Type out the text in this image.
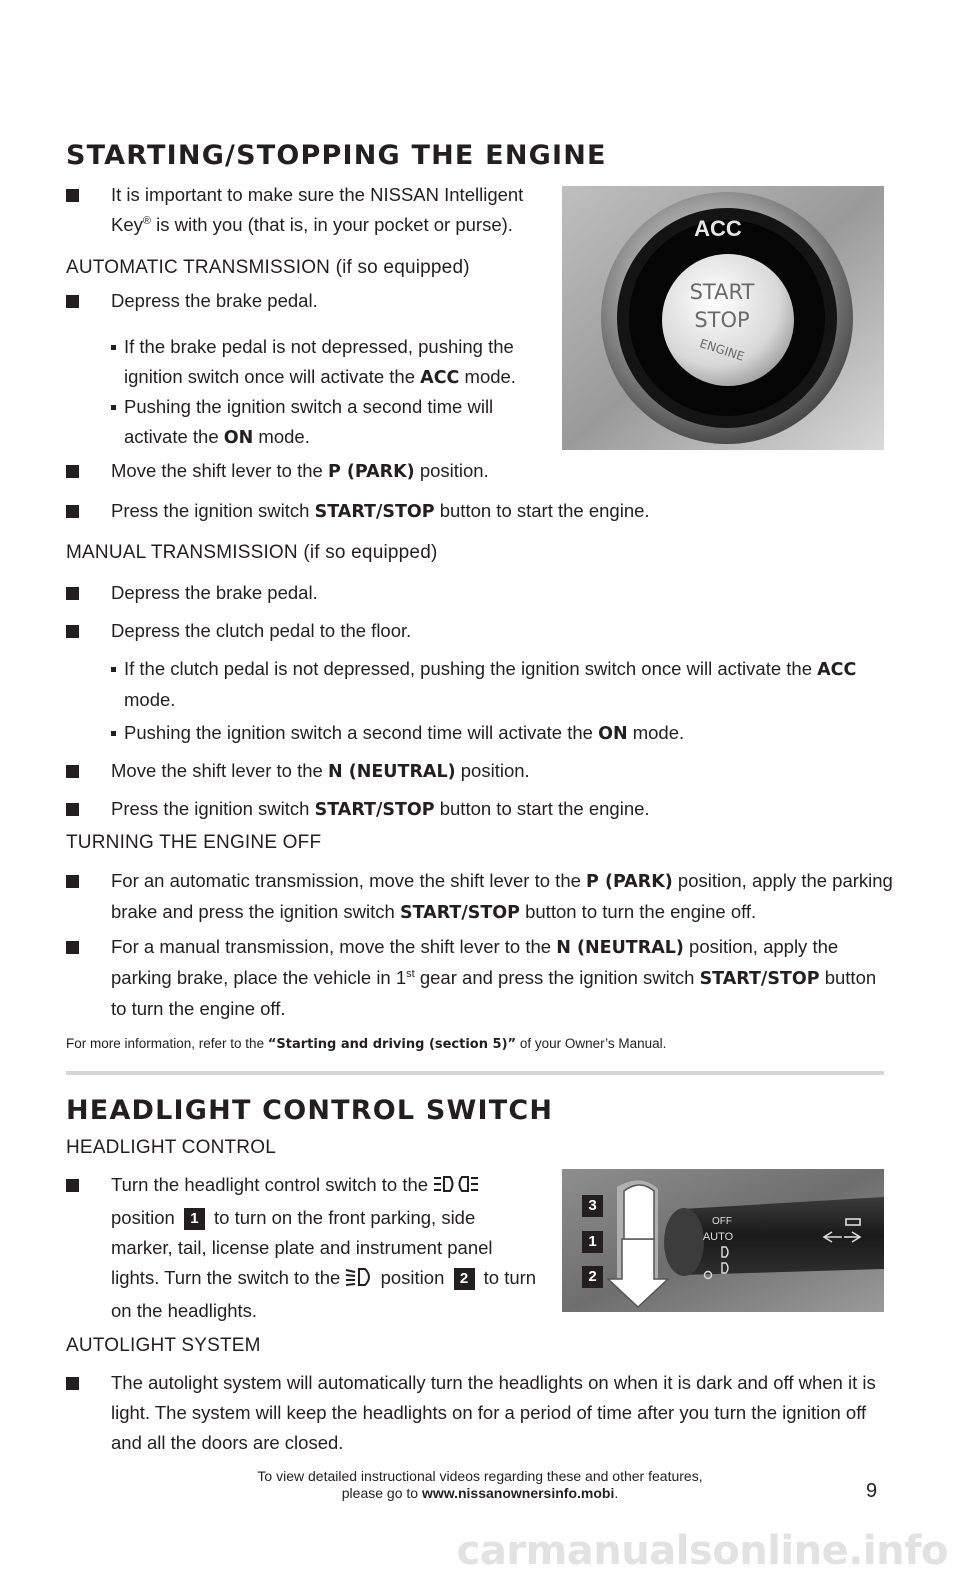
STARTING/STOPPING THE ENGINE
It is important to make sure the NISSAN Intelligent Key® is with you (that is, in your pocket or purse).
AUTOMATIC TRANSMISSION (if so equipped)
Depress the brake pedal.
If the brake pedal is not depressed, pushing the ignition switch once will activate the ACC mode.
Pushing the ignition switch a second time will activate the ON mode.
Move the shift lever to the P (PARK) position.
Press the ignition switch START/STOP button to start the engine.
ACC
START
STOP
ENGINE
MANUAL TRANSMISSION (if so equipped)
Depress the brake pedal.
Depress the clutch pedal to the floor.
If the clutch pedal is not depressed, pushing the ignition switch once will activate the ACC mode.
Pushing the ignition switch a second time will activate the ON mode.
Move the shift lever to the N (NEUTRAL) position.
Press the ignition switch START/STOP button to start the engine.
TURNING THE ENGINE OFF
For an automatic transmission, move the shift lever to the P (PARK) position, apply the parking brake and press the ignition switch START/STOP button to turn the engine off.
For a manual transmission, move the shift lever to the N (NEUTRAL) position, apply the parking brake, place the vehicle in 1st gear and press the ignition switch START/STOP button to turn the engine off.
For more information, refer to the “Starting and driving (section 5)” of your Owner’s Manual.
HEADLIGHT CONTROL SWITCH
HEADLIGHT CONTROL
Turn the headlight control switch to the  position 1 to turn on the front parking, side marker, tail, license plate and instrument panel lights. Turn the switch to the  position 2 to turn on the headlights.
OFF
AUTO
3
1
2
AUTOLIGHT SYSTEM
The autolight system will automatically turn the headlights on when it is dark and off when it is light. The system will keep the headlights on for a period of time after you turn the ignition off and all the doors are closed.
To view detailed instructional videos regarding these and other features,
please go to www.nissanownersinfo.mobi.	9
carmanualsonline.info
